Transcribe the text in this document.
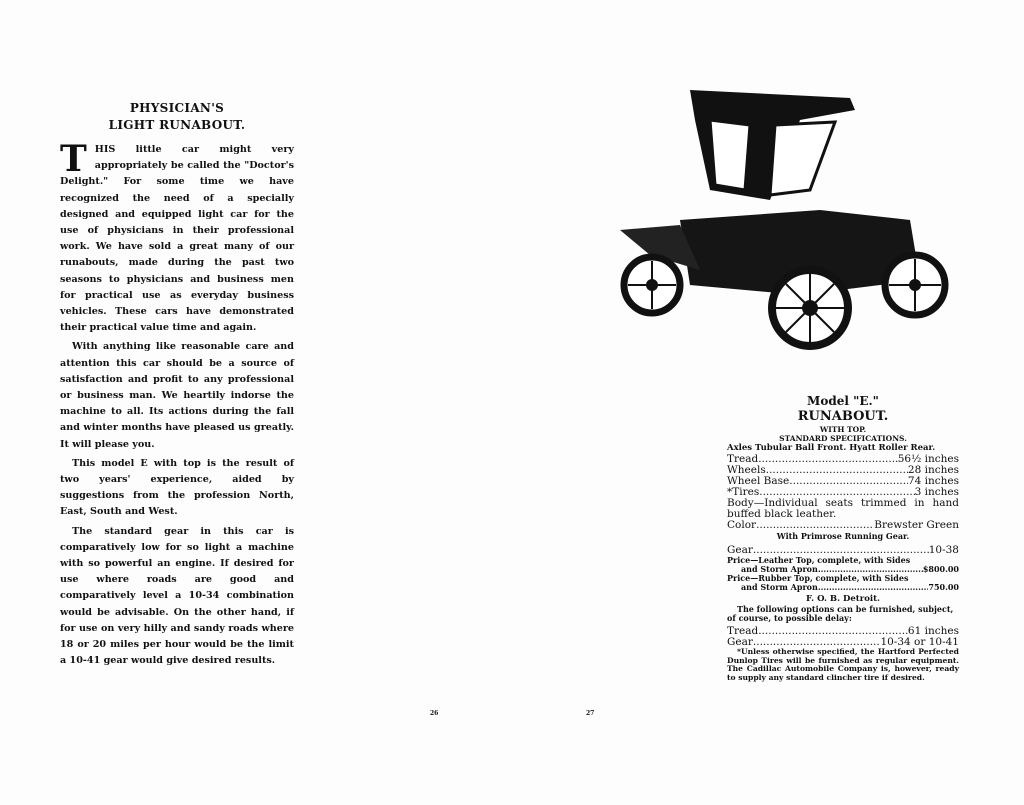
PHYSICIAN'S
LIGHT RUNABOUT.

THIS little car might very appropriately be called the "Doctor's Delight." For some time we have recognized the need of a specially designed and equipped light car for the use of physicians in their professional work. We have sold a great many of our runabouts, made during the past two seasons to physicians and business men for practical use as everyday business vehicles. These cars have demonstrated their practical value time and again.

With anything like reasonable care and attention this car should be a source of satisfaction and profit to any professional or business man. We heartily indorse the machine to all. Its actions during the fall and winter months have pleased us greatly. It will please you.

This model E with top is the result of two years' experience, aided by suggestions from the profession North, East, South and West.

The standard gear in this car is comparatively low for so light a machine with so powerful an engine. If desired for use where roads are good and comparatively level a 10-34 combination would be advisable. On the other hand, if for use on very hilly and sandy roads where 18 or 20 miles per hour would be the limit a 10-41 gear would give desired results.

26	27
Model "E."
RUNABOUT.
WITH TOP.
STANDARD SPECIFICATIONS.
Axles Tubular Ball Front. Hyatt Roller Rear.
Tread .....	56½ inches
Wheels .....	28 inches
Wheel Base .....	74 inches
*Tires .....	3 inches
Body—Individual seats trimmed in hand buffed black leather.
Color .....	Brewster Green
With Primrose Running Gear.
Gear .....	10-38
Price—Leather Top, complete, with Sides
and Storm Apron .....	$800.00
Price—Rubber Top, complete, with Sides
and Storm Apron .....	750.00
F. O. B. Detroit.
The following options can be furnished, subject, of course, to possible delay:
Tread .....	61 inches
Gear .....	10-34 or 10-41
*Unless otherwise specified, the Hartford Perfected Dunlop Tires will be furnished as regular equipment. The Cadillac Automobile Company is, however, ready to supply any standard clincher tire if desired.
